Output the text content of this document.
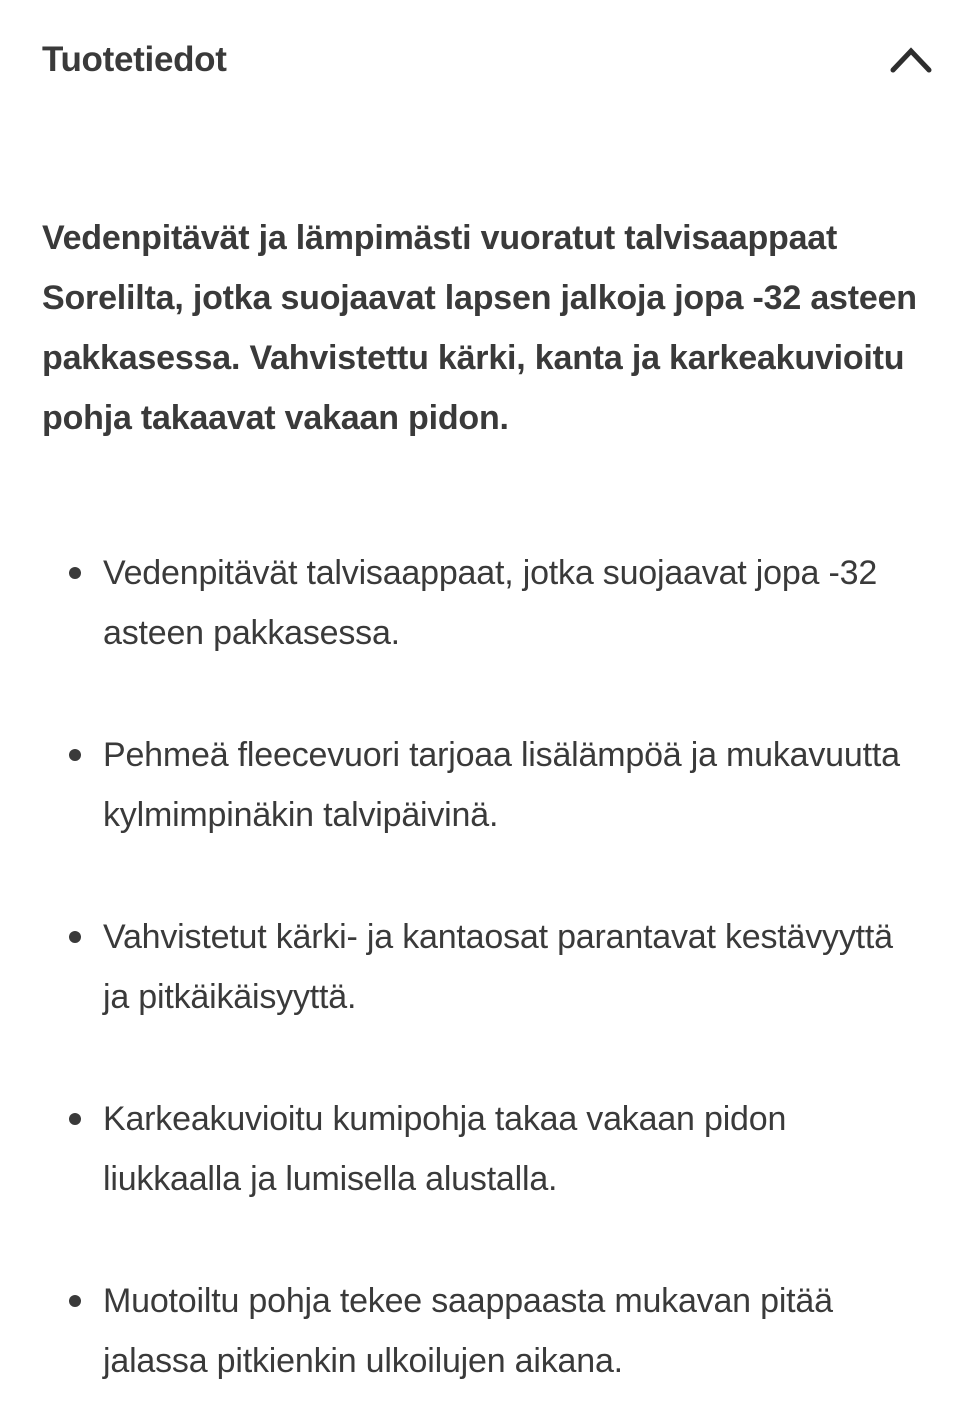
Tuotetiedot

Vedenpitävät ja lämpimästi vuoratut talvisaappaat Sorelilta, jotka suojaavat lapsen jalkoja jopa -32 asteen pakkasessa. Vahvistettu kärki, kanta ja karkeakuvioitu pohja takaavat vakaan pidon.

Vedenpitävät talvisaappaat, jotka suojaavat jopa -32 asteen pakkasessa.
Pehmeä fleecevuori tarjoaa lisälämpöä ja mukavuutta kylmimpinäkin talvipäivinä.
Vahvistetut kärki- ja kantaosat parantavat kestävyyttä ja pitkäikäisyyttä.
Karkeakuvioitu kumipohja takaa vakaan pidon liukkaalla ja lumisella alustalla.
Muotoiltu pohja tekee saappaasta mukavan pitää jalassa pitkienkin ulkoilujen aikana.
